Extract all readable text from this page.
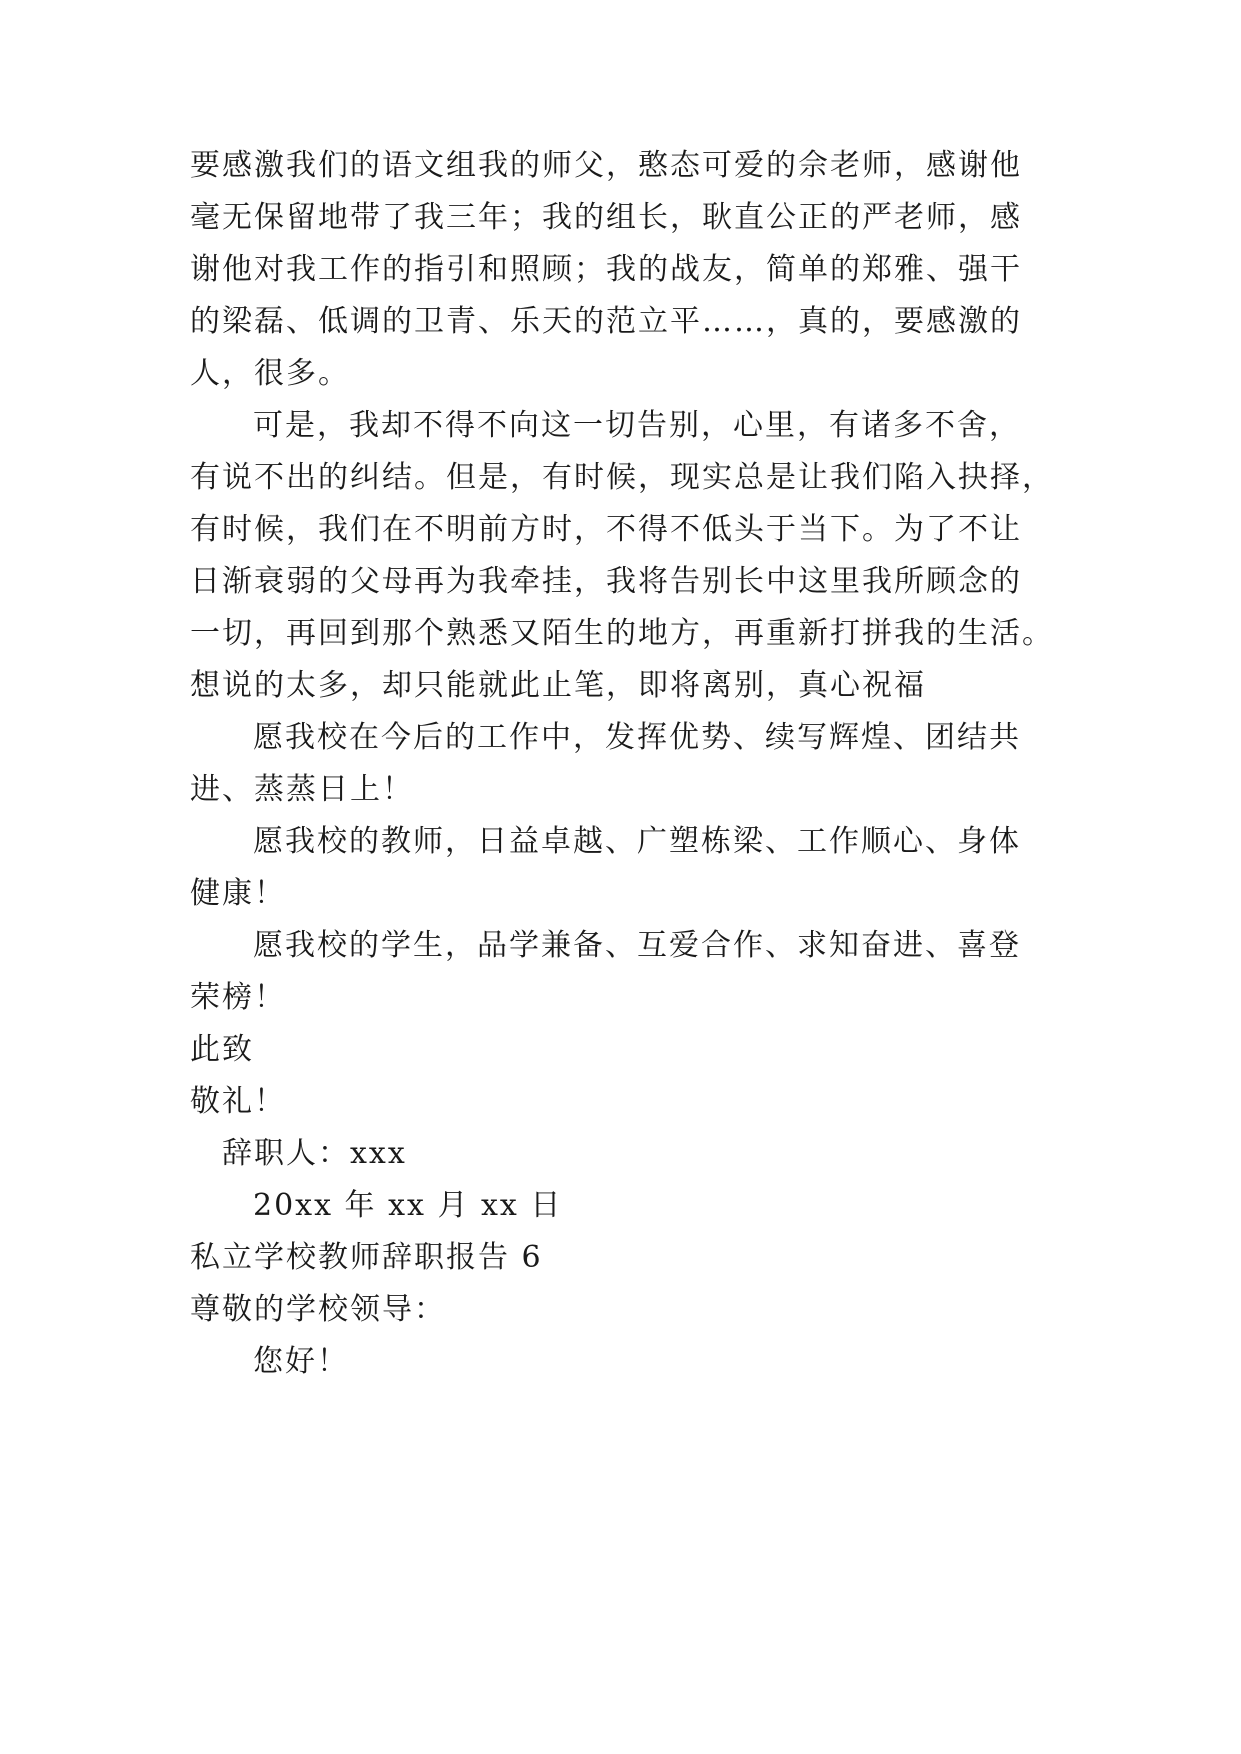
要感激我们的语文组我的师父，憨态可爱的佘老师，感谢他
毫无保留地带了我三年；我的组长，耿直公正的严老师，感
谢他对我工作的指引和照顾；我的战友，简单的郑雅、强干
的梁磊、低调的卫青、乐天的范立平……，真的，要感激的
人，很多。
可是，我却不得不向这一切告别，心里，有诸多不舍，
有说不出的纠结。但是，有时候，现实总是让我们陷入抉择，
有时候，我们在不明前方时，不得不低头于当下。为了不让
日渐衰弱的父母再为我牵挂，我将告别长中这里我所顾念的
一切，再回到那个熟悉又陌生的地方，再重新打拼我的生活。
想说的太多，却只能就此止笔，即将离别，真心祝福
愿我校在今后的工作中，发挥优势、续写辉煌、团结共
进、蒸蒸日上！
愿我校的教师，日益卓越、广塑栋梁、工作顺心、身体
健康！
愿我校的学生，品学兼备、互爱合作、求知奋进、喜登
荣榜！
此致
敬礼！
辞职人：xxx
20xx 年 xx 月 xx 日
私立学校教师辞职报告 6
尊敬的学校领导：
您好！
